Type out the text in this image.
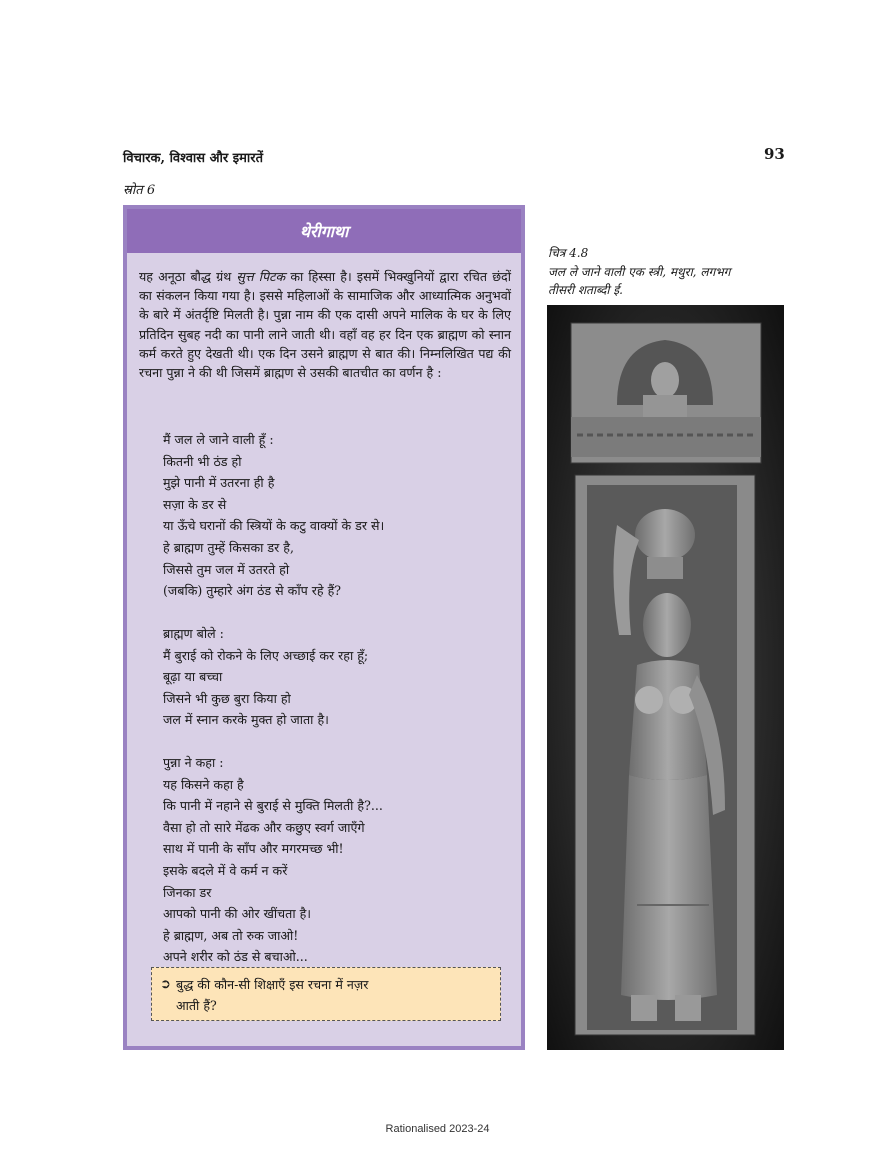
विचारक, विश्वास और इमारतें	93
स्रोत 6
थेरीगाथा
यह अनूठा बौद्ध ग्रंथ सुत्त पिटक का हिस्सा है। इसमें भिक्खुनियों द्वारा रचित छंदों का संकलन किया गया है। इससे महिलाओं के सामाजिक और आध्यात्मिक अनुभवों के बारे में अंतर्दृष्टि मिलती है। पुन्ना नाम की एक दासी अपने मालिक के घर के लिए प्रतिदिन सुबह नदी का पानी लाने जाती थी। वहाँ वह हर दिन एक ब्राह्मण को स्नान कर्म करते हुए देखती थी। एक दिन उसने ब्राह्मण से बात की। निम्नलिखित पद्य की रचना पुन्ना ने की थी जिसमें ब्राह्मण से उसकी बातचीत का वर्णन है :
मैं जल ले जाने वाली हूँ :
कितनी भी ठंड हो
मुझे पानी में उतरना ही है
सज़ा के डर से
या ऊँचे घरानों की स्त्रियों के कटु वाक्यों के डर से।
हे ब्राह्मण तुम्हें किसका डर है,
जिससे तुम जल में उतरते हो
(जबकि) तुम्हारे अंग ठंड से काँप रहे हैं?
ब्राह्मण बोले :
मैं बुराई को रोकने के लिए अच्छाई कर रहा हूँ;
बूढ़ा या बच्चा
जिसने भी कुछ बुरा किया हो
जल में स्नान करके मुक्त हो जाता है।
पुन्ना ने कहा :
यह किसने कहा है
कि पानी में नहाने से बुराई से मुक्ति मिलती है?...
वैसा हो तो सारे मेंढक और कछुए स्वर्ग जाएँगे
साथ में पानी के साँप और मगरमच्छ भी!
इसके बदले में वे कर्म न करें
जिनका डर
आपको पानी की ओर खींचता है।
हे ब्राह्मण, अब तो रुक जाओ!
अपने शरीर को ठंड से बचाओ...
➲ बुद्ध की कौन-सी शिक्षाएँ इस रचना में नज़र
आती हैं?
चित्र 4.8
जल ले जाने वाली एक स्त्री, मथुरा, लगभग
तीसरी शताब्दी ई.
Rationalised 2023-24
